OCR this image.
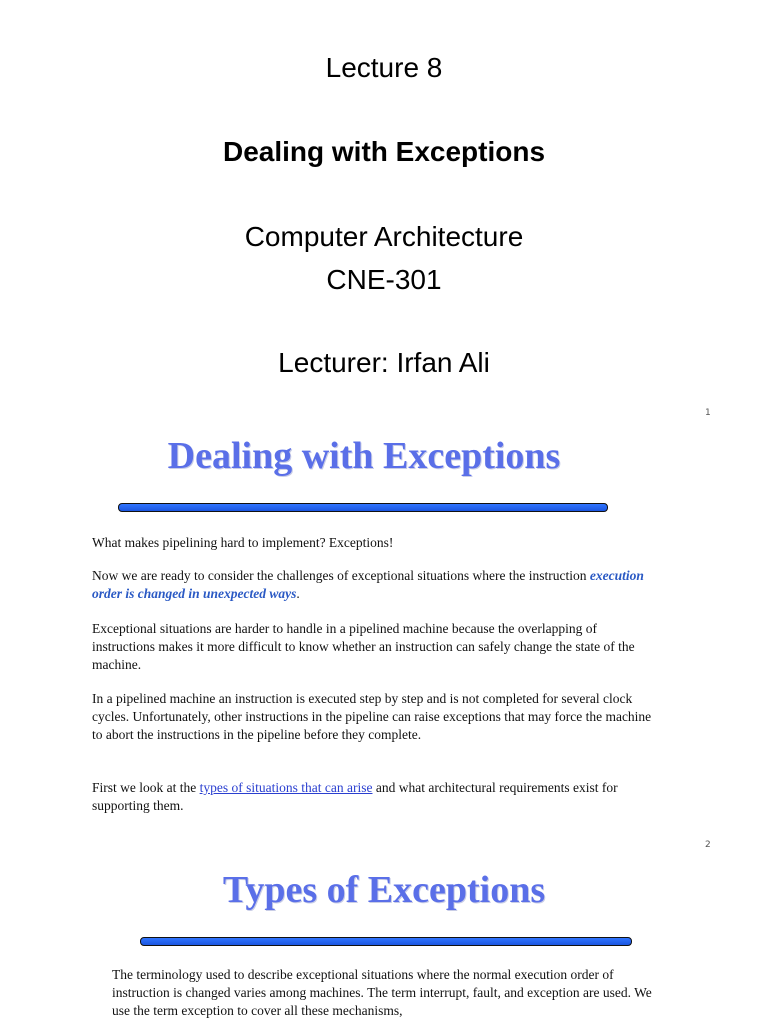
Lecture 8
Dealing with Exceptions
Computer Architecture
CNE-301
Lecturer: Irfan Ali
1
Dealing with Exceptions
What makes pipelining hard to implement? Exceptions!
Now we are ready to consider the challenges of exceptional situations where the instruction execution order is changed in unexpected ways.
Exceptional situations are harder to handle in a pipelined machine because the overlapping of instructions makes it more difficult to know whether an instruction can safely change the state of the machine.
In a pipelined machine an instruction is executed step by step and is not completed for several clock cycles. Unfortunately, other instructions in the pipeline can raise exceptions that may force the machine to abort the instructions in the pipeline before they complete.
First we look at the types of situations that can arise and what architectural requirements exist for supporting them.
2
Types of Exceptions
The terminology used to describe exceptional situations where the normal execution order of instruction is changed varies among machines. The term interrupt, fault, and exception are used. We use the term exception to cover all these mechanisms,
